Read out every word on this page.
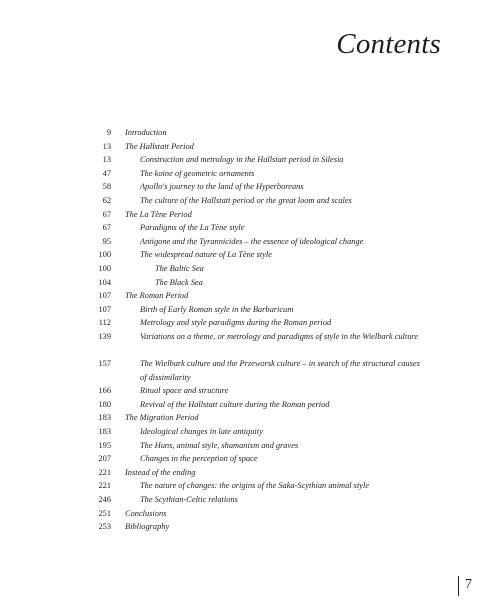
Contents
9 Introduction
13 The Hallstatt Period
13	Construction and metrology in the Hallstatt period in Silesia
47	The koine of geometric ornaments
58	Apollo's journey to the land of the Hyperboreans
62	The culture of the Hallstatt period or the great loom and scales
67 The La Tène Period
67	Paradigms of the La Tène style
95	Antigone and the Tyrannicides – the essence of ideological change
100	The widespread nature of La Tène style
100	The Baltic Sea
104	The Black Sea
107 The Roman Period
107	Birth of Early Roman style in the Barbaricum
112	Metrology and style paradigms during the Roman period
139	Variations on a theme, or metrology and paradigms of style in the Wielbark culture
157	The Wielbark culture and the Przeworsk culture – in search of the structural causes of dissimilarity
166	Ritual space and structure
180	Revival of the Hallstatt culture during the Roman period
183 The Migration Period
183	Ideological changes in late antiquity
195	The Huns, animal style, shamanism and graves
207	Changes in the perception of space
221 Instead of the ending
221	The nature of changes: the origins of the Saka-Scythian animal style
246	The Scythian-Celtic relations
251 Conclusions
253 Bibliography
7
